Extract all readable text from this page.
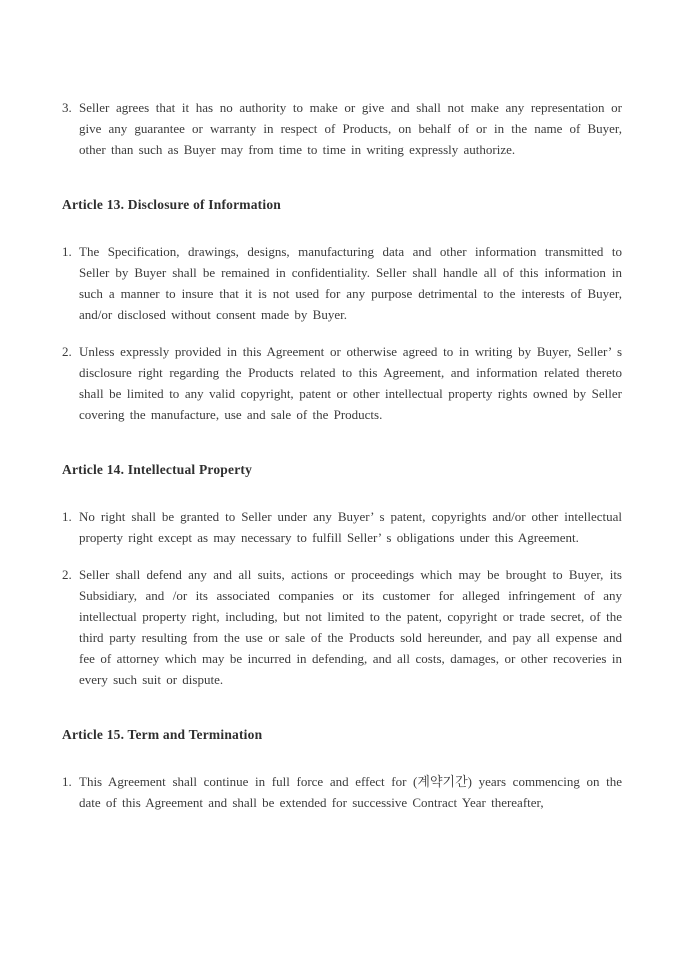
3. Seller agrees that it has no authority to make or give and shall not make any representation or give any guarantee or warranty in respect of Products, on behalf of or in the name of Buyer, other than such as Buyer may from time to time in writing expressly authorize.
Article 13. Disclosure of Information
1. The Specification, drawings, designs, manufacturing data and other information transmitted to Seller by Buyer shall be remained in confidentiality. Seller shall handle all of this information in such a manner to insure that it is not used for any purpose detrimental to the interests of Buyer, and/or disclosed without consent made by Buyer.
2. Unless expressly provided in this Agreement or otherwise agreed to in writing by Buyer, Seller’ s disclosure right regarding the Products related to this Agreement, and information related thereto shall be limited to any valid copyright, patent or other intellectual property rights owned by Seller covering the manufacture, use and sale of the Products.
Article 14. Intellectual Property
1. No right shall be granted to Seller under any Buyer’ s patent, copyrights and/or other intellectual property right except as may necessary to fulfill Seller’ s obligations under this Agreement.
2. Seller shall defend any and all suits, actions or proceedings which may be brought to Buyer, its Subsidiary, and /or its associated companies or its customer for alleged infringement of any intellectual property right, including, but not limited to the patent, copyright or trade secret, of the third party resulting from the use or sale of the Products sold hereunder, and pay all expense and fee of attorney which may be incurred in defending, and all costs, damages, or other recoveries in every such suit or dispute.
Article 15. Term and Termination
1. This Agreement shall continue in full force and effect for (계약기간) years commencing on the date of this Agreement and shall be extended for successive Contract Year thereafter,
